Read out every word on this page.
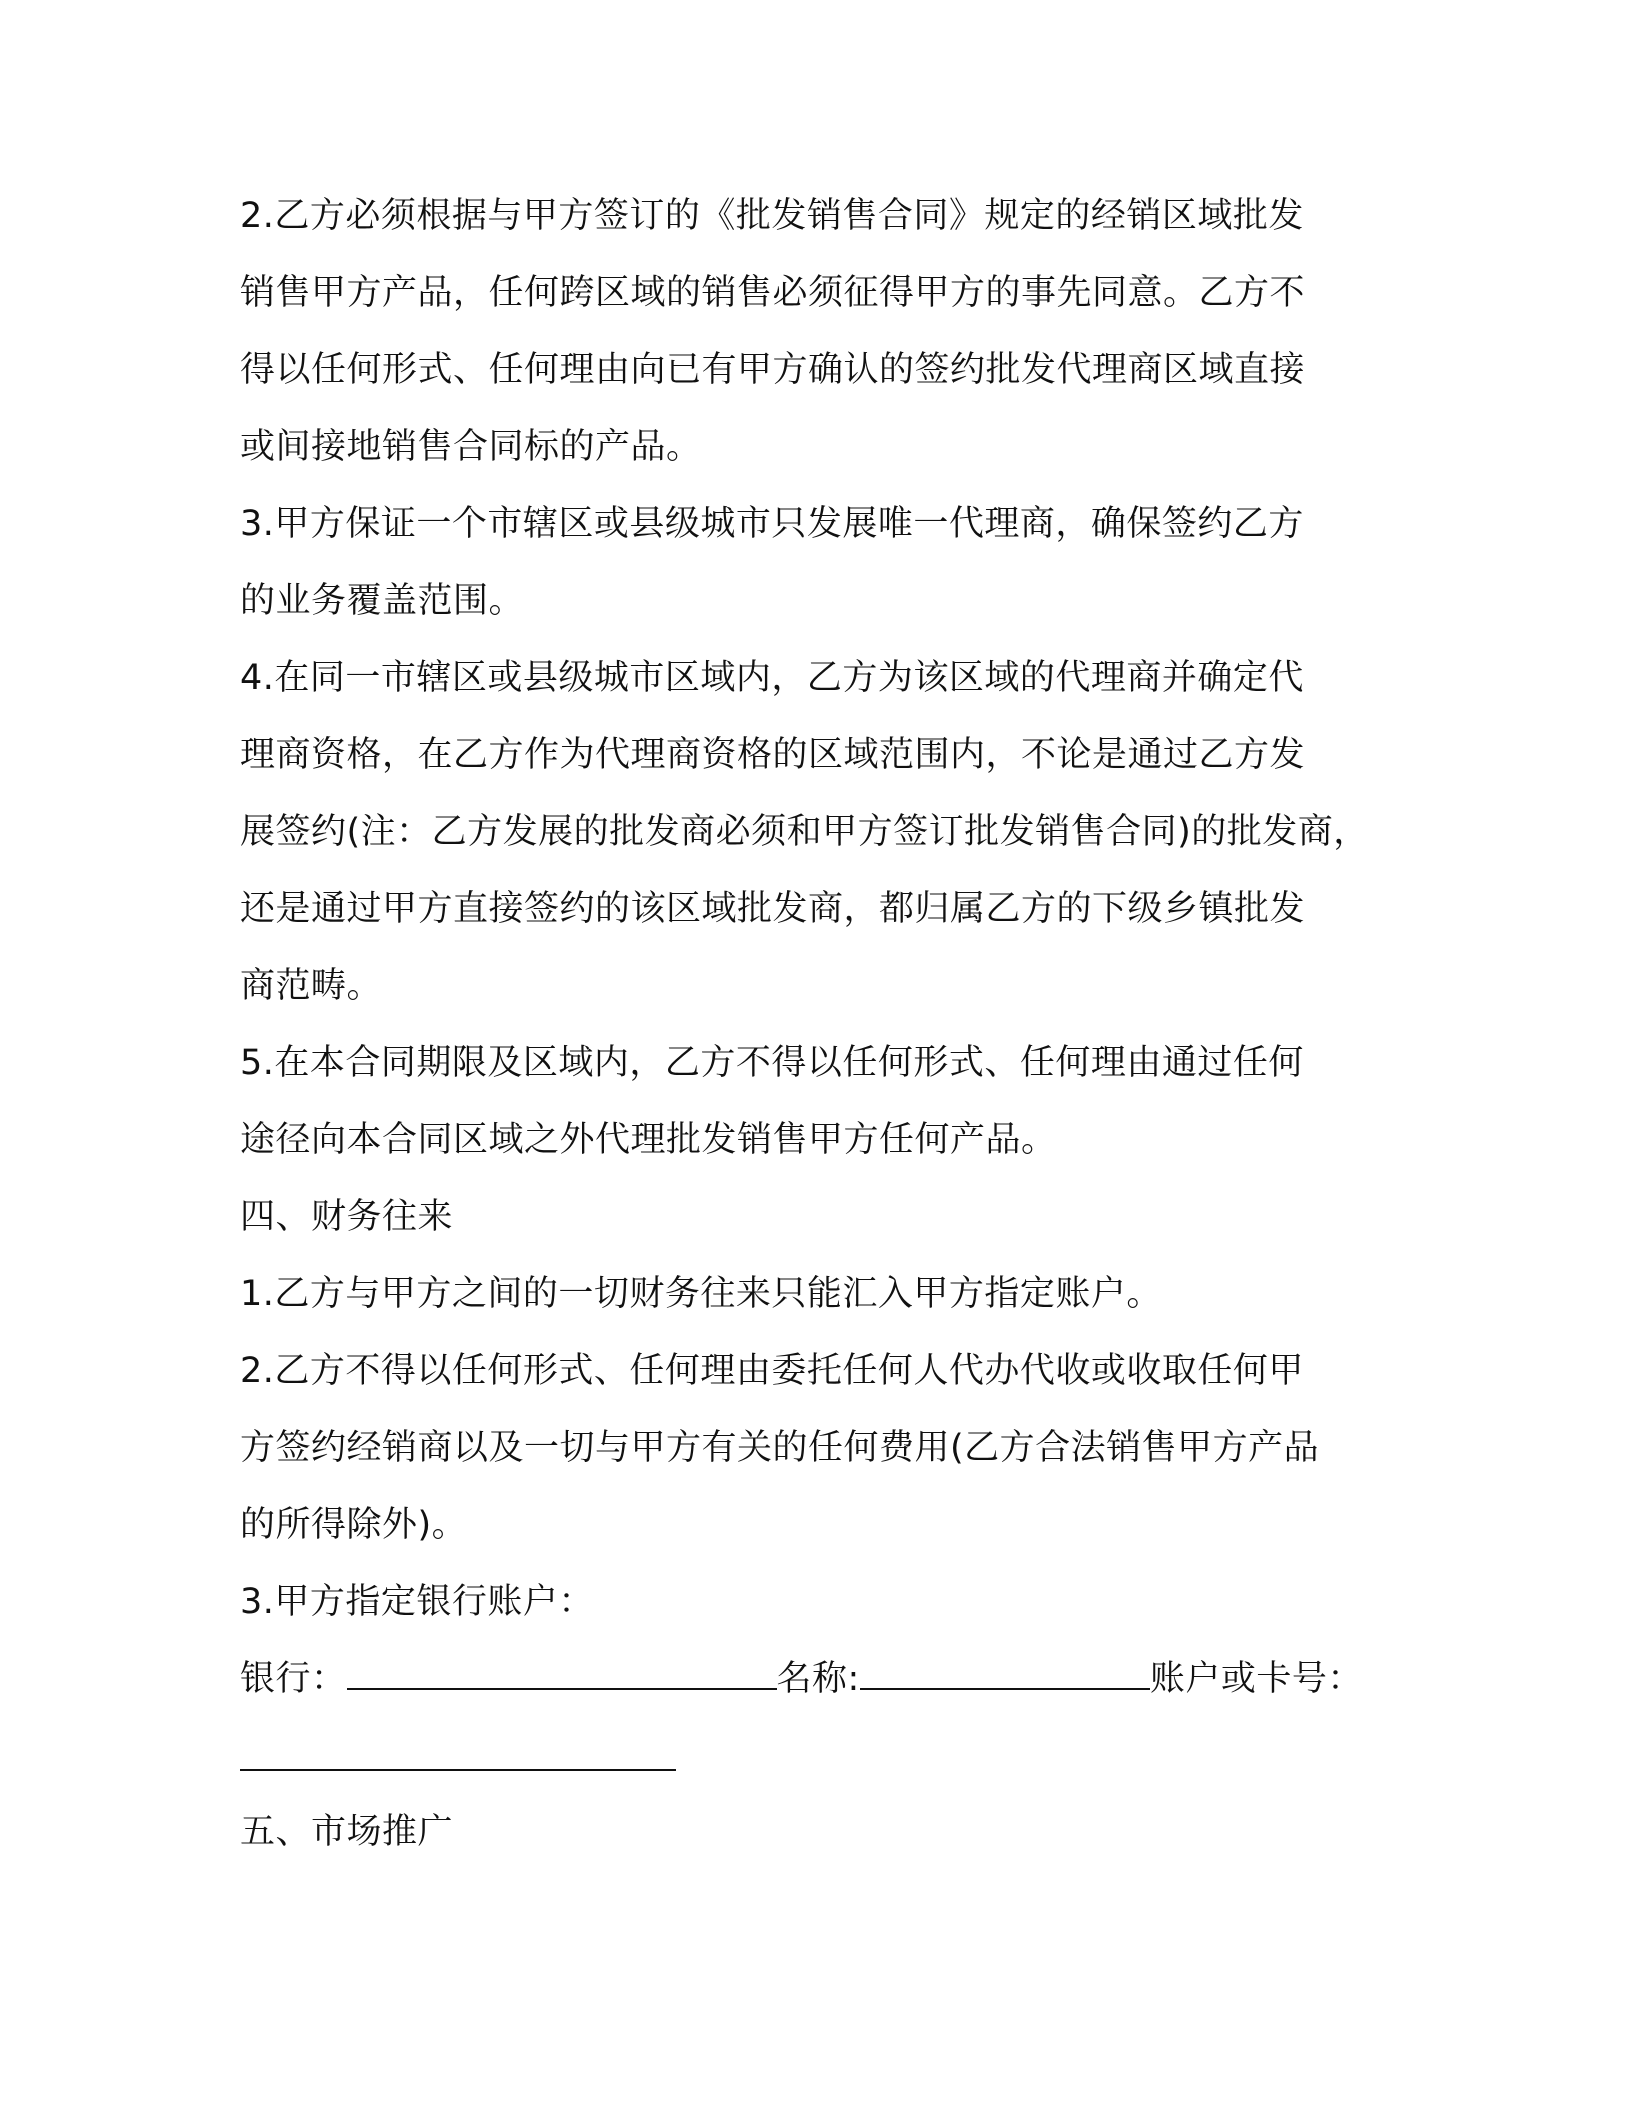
2.乙方必须根据与甲方签订的《批发销售合同》规定的经销区域批发
销售甲方产品，任何跨区域的销售必须征得甲方的事先同意。乙方不
得以任何形式、任何理由向已有甲方确认的签约批发代理商区域直接
或间接地销售合同标的产品。
3.甲方保证一个市辖区或县级城市只发展唯一代理商，确保签约乙方
的业务覆盖范围。
4.在同一市辖区或县级城市区域内，乙方为该区域的代理商并确定代
理商资格，在乙方作为代理商资格的区域范围内，不论是通过乙方发
展签约(注：乙方发展的批发商必须和甲方签订批发销售合同)的批发商，
还是通过甲方直接签约的该区域批发商，都归属乙方的下级乡镇批发
商范畴。
5.在本合同期限及区域内，乙方不得以任何形式、任何理由通过任何
途径向本合同区域之外代理批发销售甲方任何产品。
四、财务往来
1.乙方与甲方之间的一切财务往来只能汇入甲方指定账户。
2.乙方不得以任何形式、任何理由委托任何人代办代收或收取任何甲
方签约经销商以及一切与甲方有关的任何费用(乙方合法销售甲方产品
的所得除外)。
3.甲方指定银行账户：
银行：	名称:	账户或卡号：
五、市场推广
